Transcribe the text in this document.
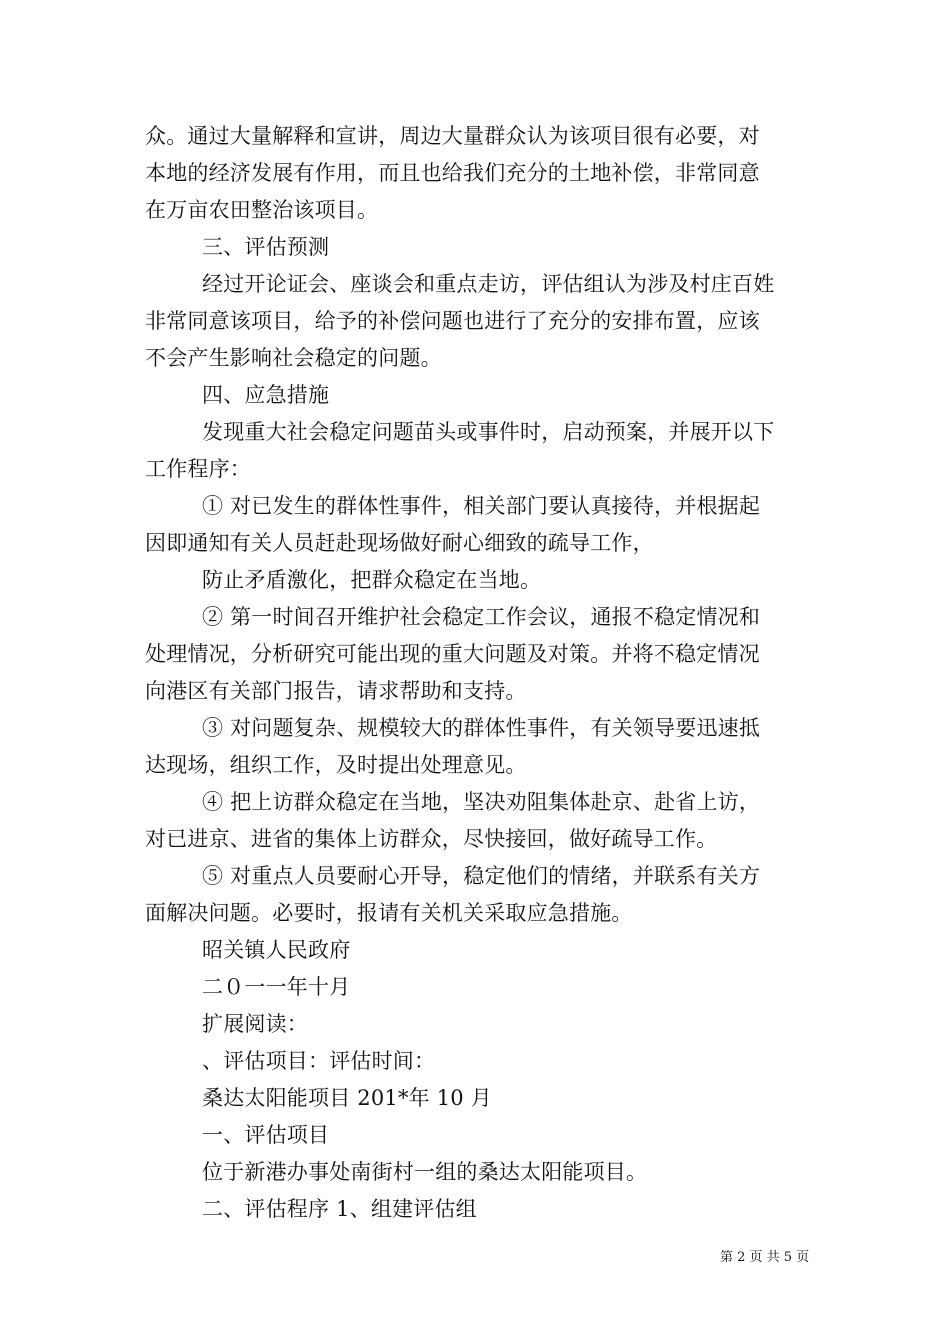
众。通过大量解释和宣讲，周边大量群众认为该项目很有必要，对
本地的经济发展有作用，而且也给我们充分的土地补偿，非常同意
在万亩农田整治该项目。
三、评估预测
经过开论证会、座谈会和重点走访，评估组认为涉及村庄百姓
非常同意该项目，给予的补偿问题也进行了充分的安排布置，应该
不会产生影响社会稳定的问题。
四、应急措施
发现重大社会稳定问题苗头或事件时，启动预案，并展开以下
工作程序：
① 对已发生的群体性事件，相关部门要认真接待，并根据起
因即通知有关人员赶赴现场做好耐心细致的疏导工作，
防止矛盾激化，把群众稳定在当地。
② 第一时间召开维护社会稳定工作会议，通报不稳定情况和
处理情况，分析研究可能出现的重大问题及对策。并将不稳定情况
向港区有关部门报告，请求帮助和支持。
③ 对问题复杂、规模较大的群体性事件，有关领导要迅速抵
达现场，组织工作，及时提出处理意见。
④ 把上访群众稳定在当地，坚决劝阻集体赴京、赴省上访，
对已进京、进省的集体上访群众，尽快接回，做好疏导工作。
⑤ 对重点人员要耐心开导，稳定他们的情绪，并联系有关方
面解决问题。必要时，报请有关机关采取应急措施。
昭关镇人民政府
二０一一年十月
扩展阅读：
、评估项目：评估时间：
桑达太阳能项目 201*年 10 月
一、评估项目
位于新港办事处南街村一组的桑达太阳能项目。
二、评估程序 1、组建评估组
第 2 页 共 5 页
